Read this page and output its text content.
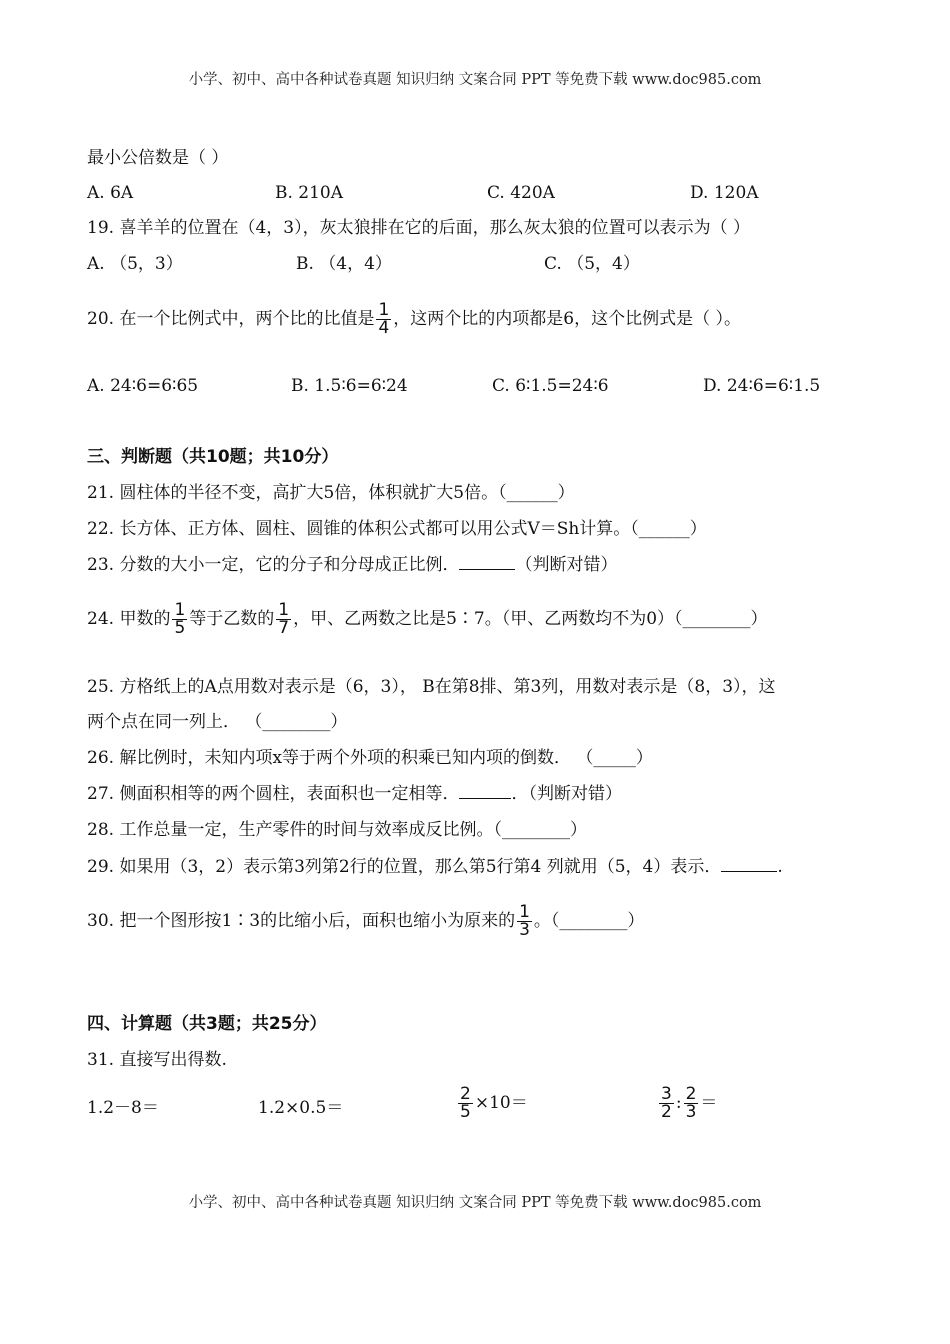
小学、初中、高中各种试卷真题 知识归纳 文案合同 PPT 等免费下载 www.doc985.com
最小公倍数是（ ）
A. 6A	B. 210A	C. 420A	D. 120A
19. 喜羊羊的位置在（4，3），灰太狼排在它的后面，那么灰太狼的位置可以表示为（ ）
A. （5，3）	B. （4，4）	C. （5，4）
20. 在一个比例式中，两个比的比值是 $\frac{1}{4}$ ，这两个比的内项都是6，这个比例式是（ ）。
A. 24∶6=6∶65	B. 1.5∶6=6∶24	C. 6∶1.5=24∶6	D. 24∶6=6∶1.5
三、判断题（共10题；共10分）
21. 圆柱体的半径不变，高扩大5倍，体积就扩大5倍。（______）
22. 长方体、正方体、圆柱、圆锥的体积公式都可以用公式V＝Sh计算。（______）
23. 分数的大小一定，它的分子和分母成正比例．	（判断对错）
24. 甲数的 $\frac{1}{5}$ 等于乙数的 $\frac{1}{7}$ ，甲、乙两数之比是5∶7。（甲、乙两数均不为0）（________）
25. 方格纸上的A点用数对表示是（6，3）， B在第8排、第3列，用数对表示是（8，3），这
两个点在同一列上． （________）
26. 解比例时，未知内项x等于两个外项的积乘已知内项的倒数． （_____）
27. 侧面积相等的两个圆柱，表面积也一定相等．	．（判断对错）
28. 工作总量一定，生产零件的时间与效率成反比例。（________）
29. 如果用（3，2）表示第3列第2行的位置，那么第5行第4 列就用（5，4）表示．	.
30. 把一个图形按1∶3的比缩小后，面积也缩小为原来的 $\frac{1}{3}$ 。（________）
四、计算题（共3题；共25分）
31. 直接写出得数.
1.2－8＝	1.2×0.5＝	$\frac{2}{5} \times 10=$	$\frac{3}{2}$ : $\frac{2}{3}$ ＝
小学、初中、高中各种试卷真题 知识归纳 文案合同 PPT 等免费下载 www.doc985.com
